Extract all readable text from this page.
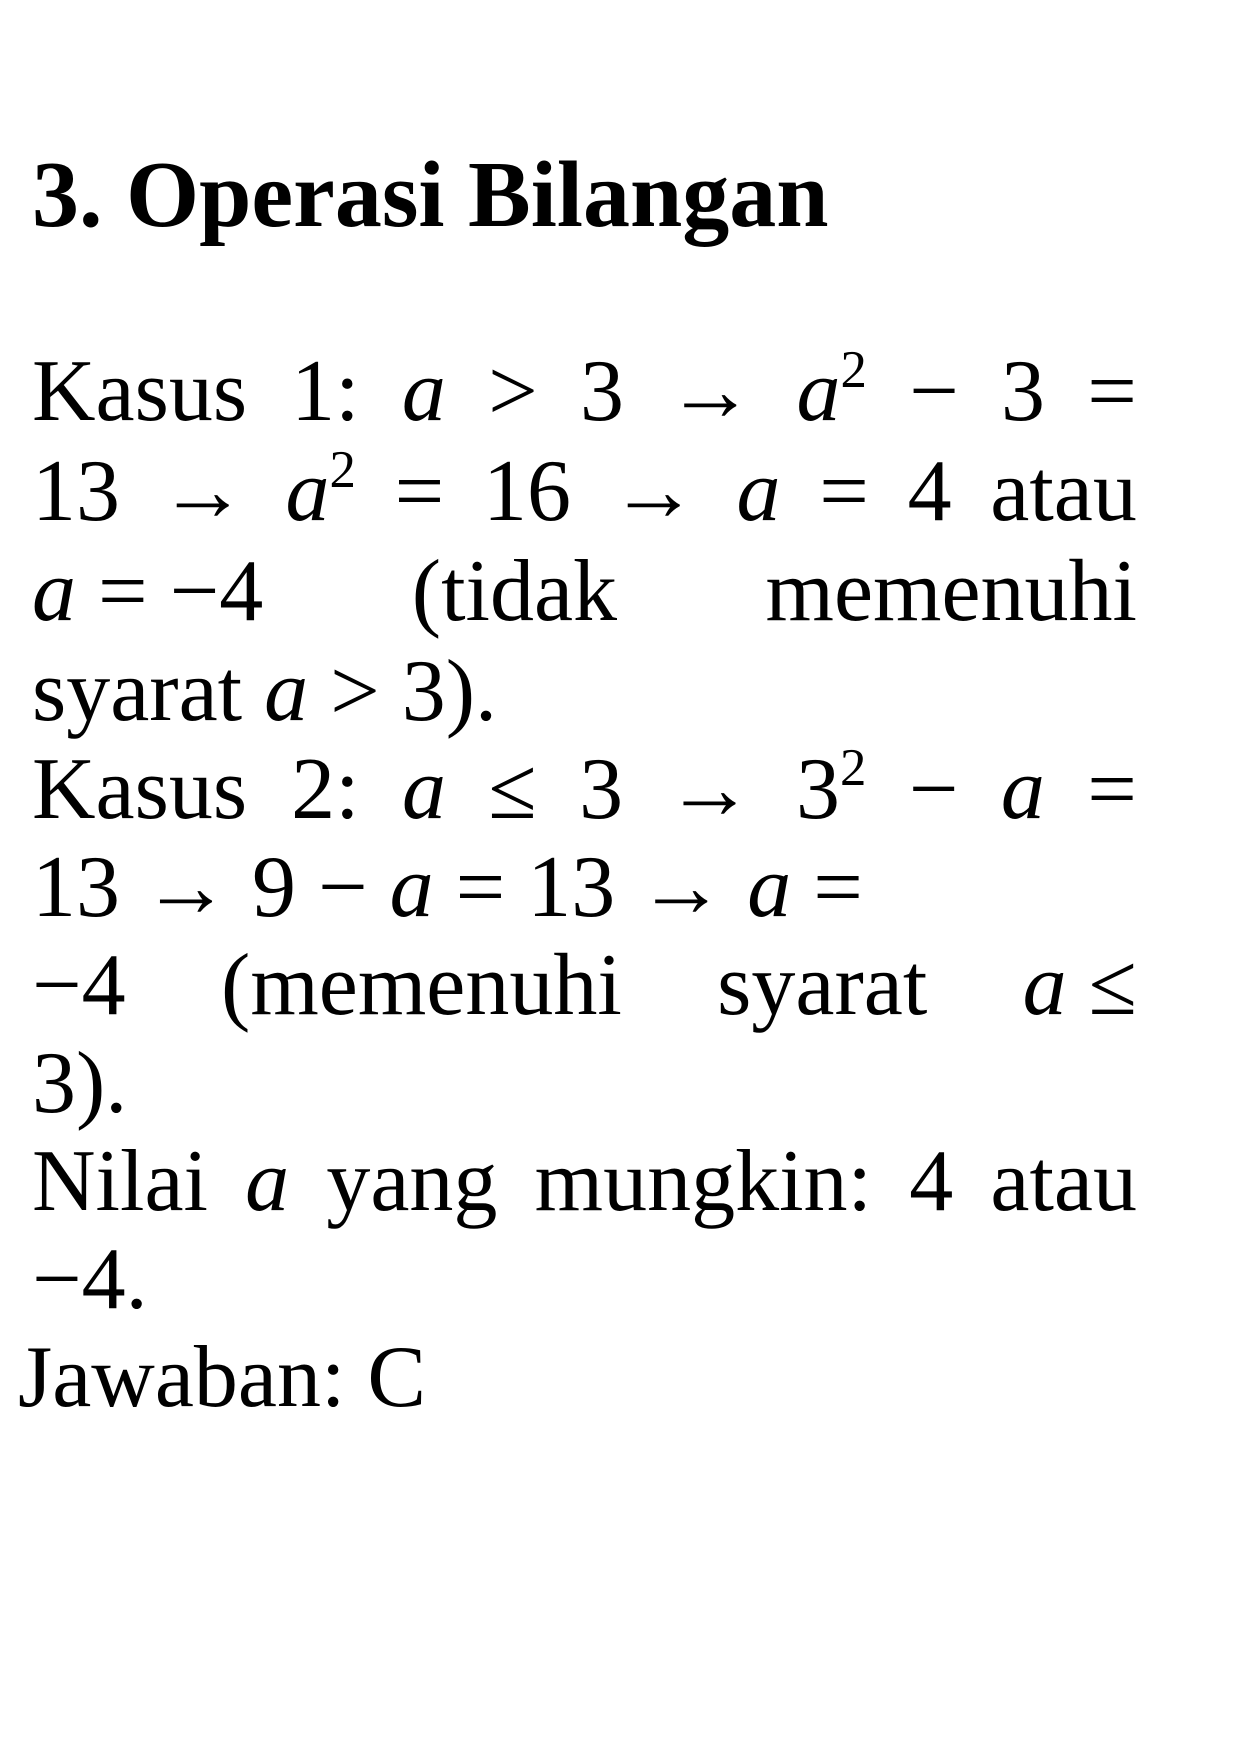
3. Operasi Bilangan
Kasus  1: $a > 3 \to a^2 - 3$ =
$13 \to a^2 = 16 \to a = 4$ atau
a = −4 (tidak memenuhi
syarat a > 3).
Kasus  2: $a \le 3 \to 3^2 - a$ =
13 → 9 − a = 13 → a =
−4 (memenuhi syarat a ≤
3).
Nilai a yang mungkin: 4 atau
−4.
Jawaban: C
